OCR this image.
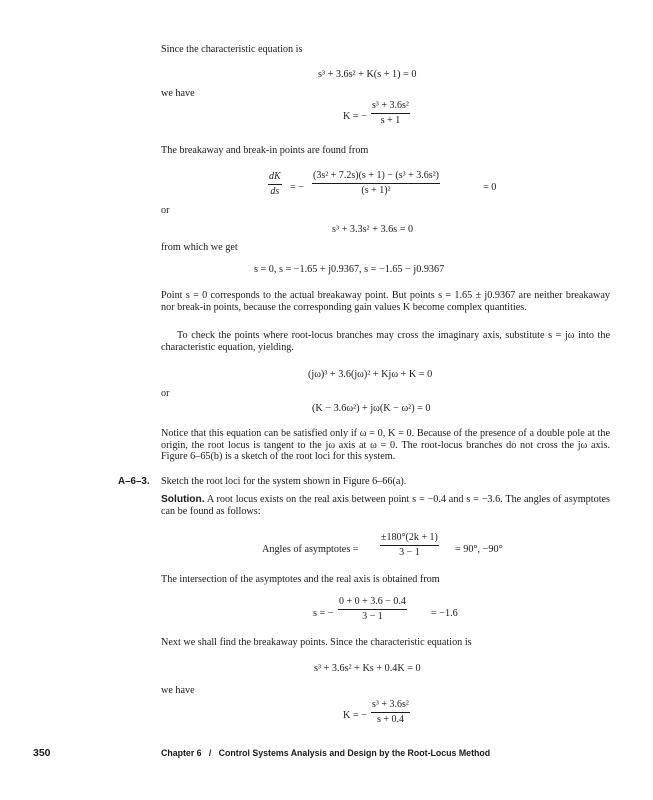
Since the characteristic equation is
s³ + 3.6s² + K(s + 1) = 0
we have
K = −
s³ + 3.6s²
s + 1
The breakaway and break-in points are found from
dK
ds = −
(3s² + 7.2s)(s + 1) − (s³ + 3.6s²)
(s + 1)²	= 0
or
s³ + 3.3s² + 3.6s = 0
from which we get
s = 0, s = −1.65 + j0.9367, s = −1.65 − j0.9367
Point s = 0 corresponds to the actual breakaway point. But points s = 1.65 ± j0.9367 are neither breakaway nor break-in points, because the corresponding gain values K become complex quantities.
To check the points where root-locus branches may cross the imaginary axis, substitute s = jω into the characteristic equation, yielding.
(jω)³ + 3.6(jω)² + Kjω + K = 0
or
(K − 3.6ω²) + jω(K − ω²) = 0
Notice that this equation can be satisfied only if ω = 0, K = 0. Because of the presence of a double pole at the origin, the root locus is tangent to the jω axis at ω = 0. The root-locus branches do not cross the jω axis. Figure 6–65(b) is a sketch of the root loci for this system.
A–6–3. Sketch the root loci for the system shown in Figure 6–66(a).
Solution. A root locus exists on the real axis between point s = −0.4 and s = −3.6. The angles of asymptotes can be found as follows:
Angles of asymptotes =
±180°(2k + 1)
3 − 1	= 90°, −90°
The intersection of the asymptotes and the real axis is obtained from
s = −
0 + 0 + 3.6 − 0.4
3 − 1	= −1.6
Next we shall find the breakaway points. Since the characteristic equation is
s³ + 3.6s² + Ks + 0.4K = 0
we have
K = −
s³ + 3.6s²
s + 0.4
350	Chapter 6   /   Control Systems Analysis and Design by the Root-Locus Method
